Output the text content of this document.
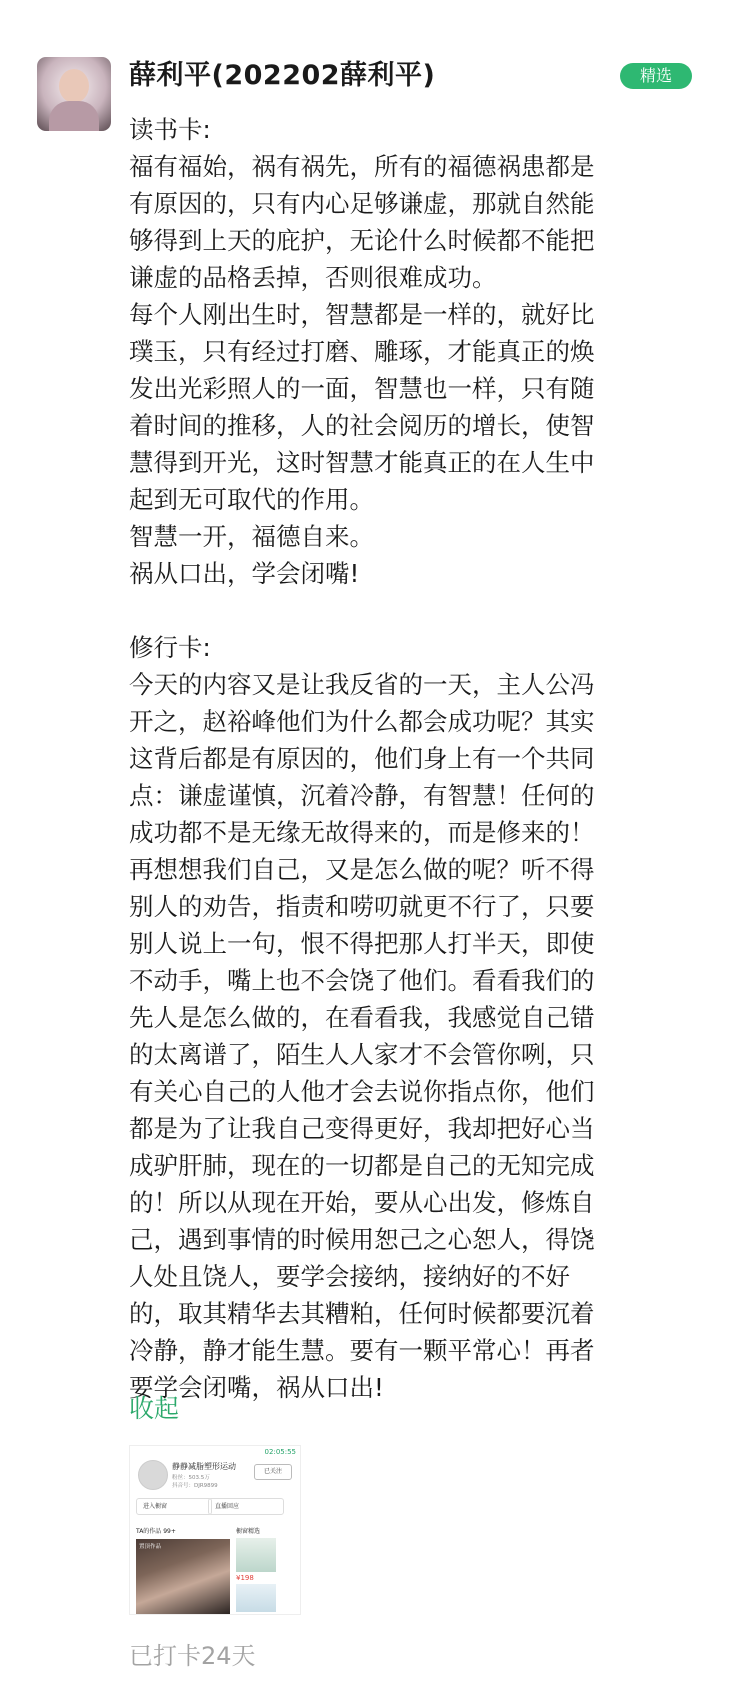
薛利平(202202薛利平)	精选

读书卡:

福有福始，祸有祸先，所有的福德祸患都是

有原因的，只有内心足够谦虚，那就自然能

够得到上天的庇护，无论什么时候都不能把

谦虚的品格丢掉，否则很难成功。

每个人刚出生时，智慧都是一样的，就好比

璞玉，只有经过打磨、雕琢，才能真正的焕

发出光彩照人的一面，智慧也一样，只有随

着时间的推移，人的社会阅历的增长，使智

慧得到开光，这时智慧才能真正的在人生中

起到无可取代的作用。

智慧一开，福德自来。

祸从口出，学会闭嘴!

修行卡:

今天的内容又是让我反省的一天，主人公冯

开之，赵裕峰他们为什么都会成功呢？其实

这背后都是有原因的，他们身上有一个共同

点：谦虚谨慎，沉着冷静，有智慧！任何的

成功都不是无缘无故得来的，而是修来的！

再想想我们自己，又是怎么做的呢？听不得

别人的劝告，指责和唠叨就更不行了，只要

别人说上一句，恨不得把那人打半天，即使

不动手，嘴上也不会饶了他们。看看我们的

先人是怎么做的，在看看我，我感觉自己错

的太离谱了，陌生人人家才不会管你咧，只

有关心自己的人他才会去说你指点你，他们

都是为了让我自己变得更好，我却把好心当

成驴肝肺，现在的一切都是自己的无知完成

的！所以从现在开始，要从心出发，修炼自

己，遇到事情的时候用恕己之心恕人，得饶

人处且饶人，要学会接纳，接纳好的不好

的，取其精华去其糟粕，任何时候都要沉着

冷静，静才能生慧。要有一颗平常心！再者

要学会闭嘴，祸从口出!

收起
02:05:55
静静减脂塑形运动
粉丝：503.5万
抖音号：DJR9899
已关注
进入橱窗	直播回应
TA的作品 99+	橱窗精选
置顶作品
¥198
已打卡24天
